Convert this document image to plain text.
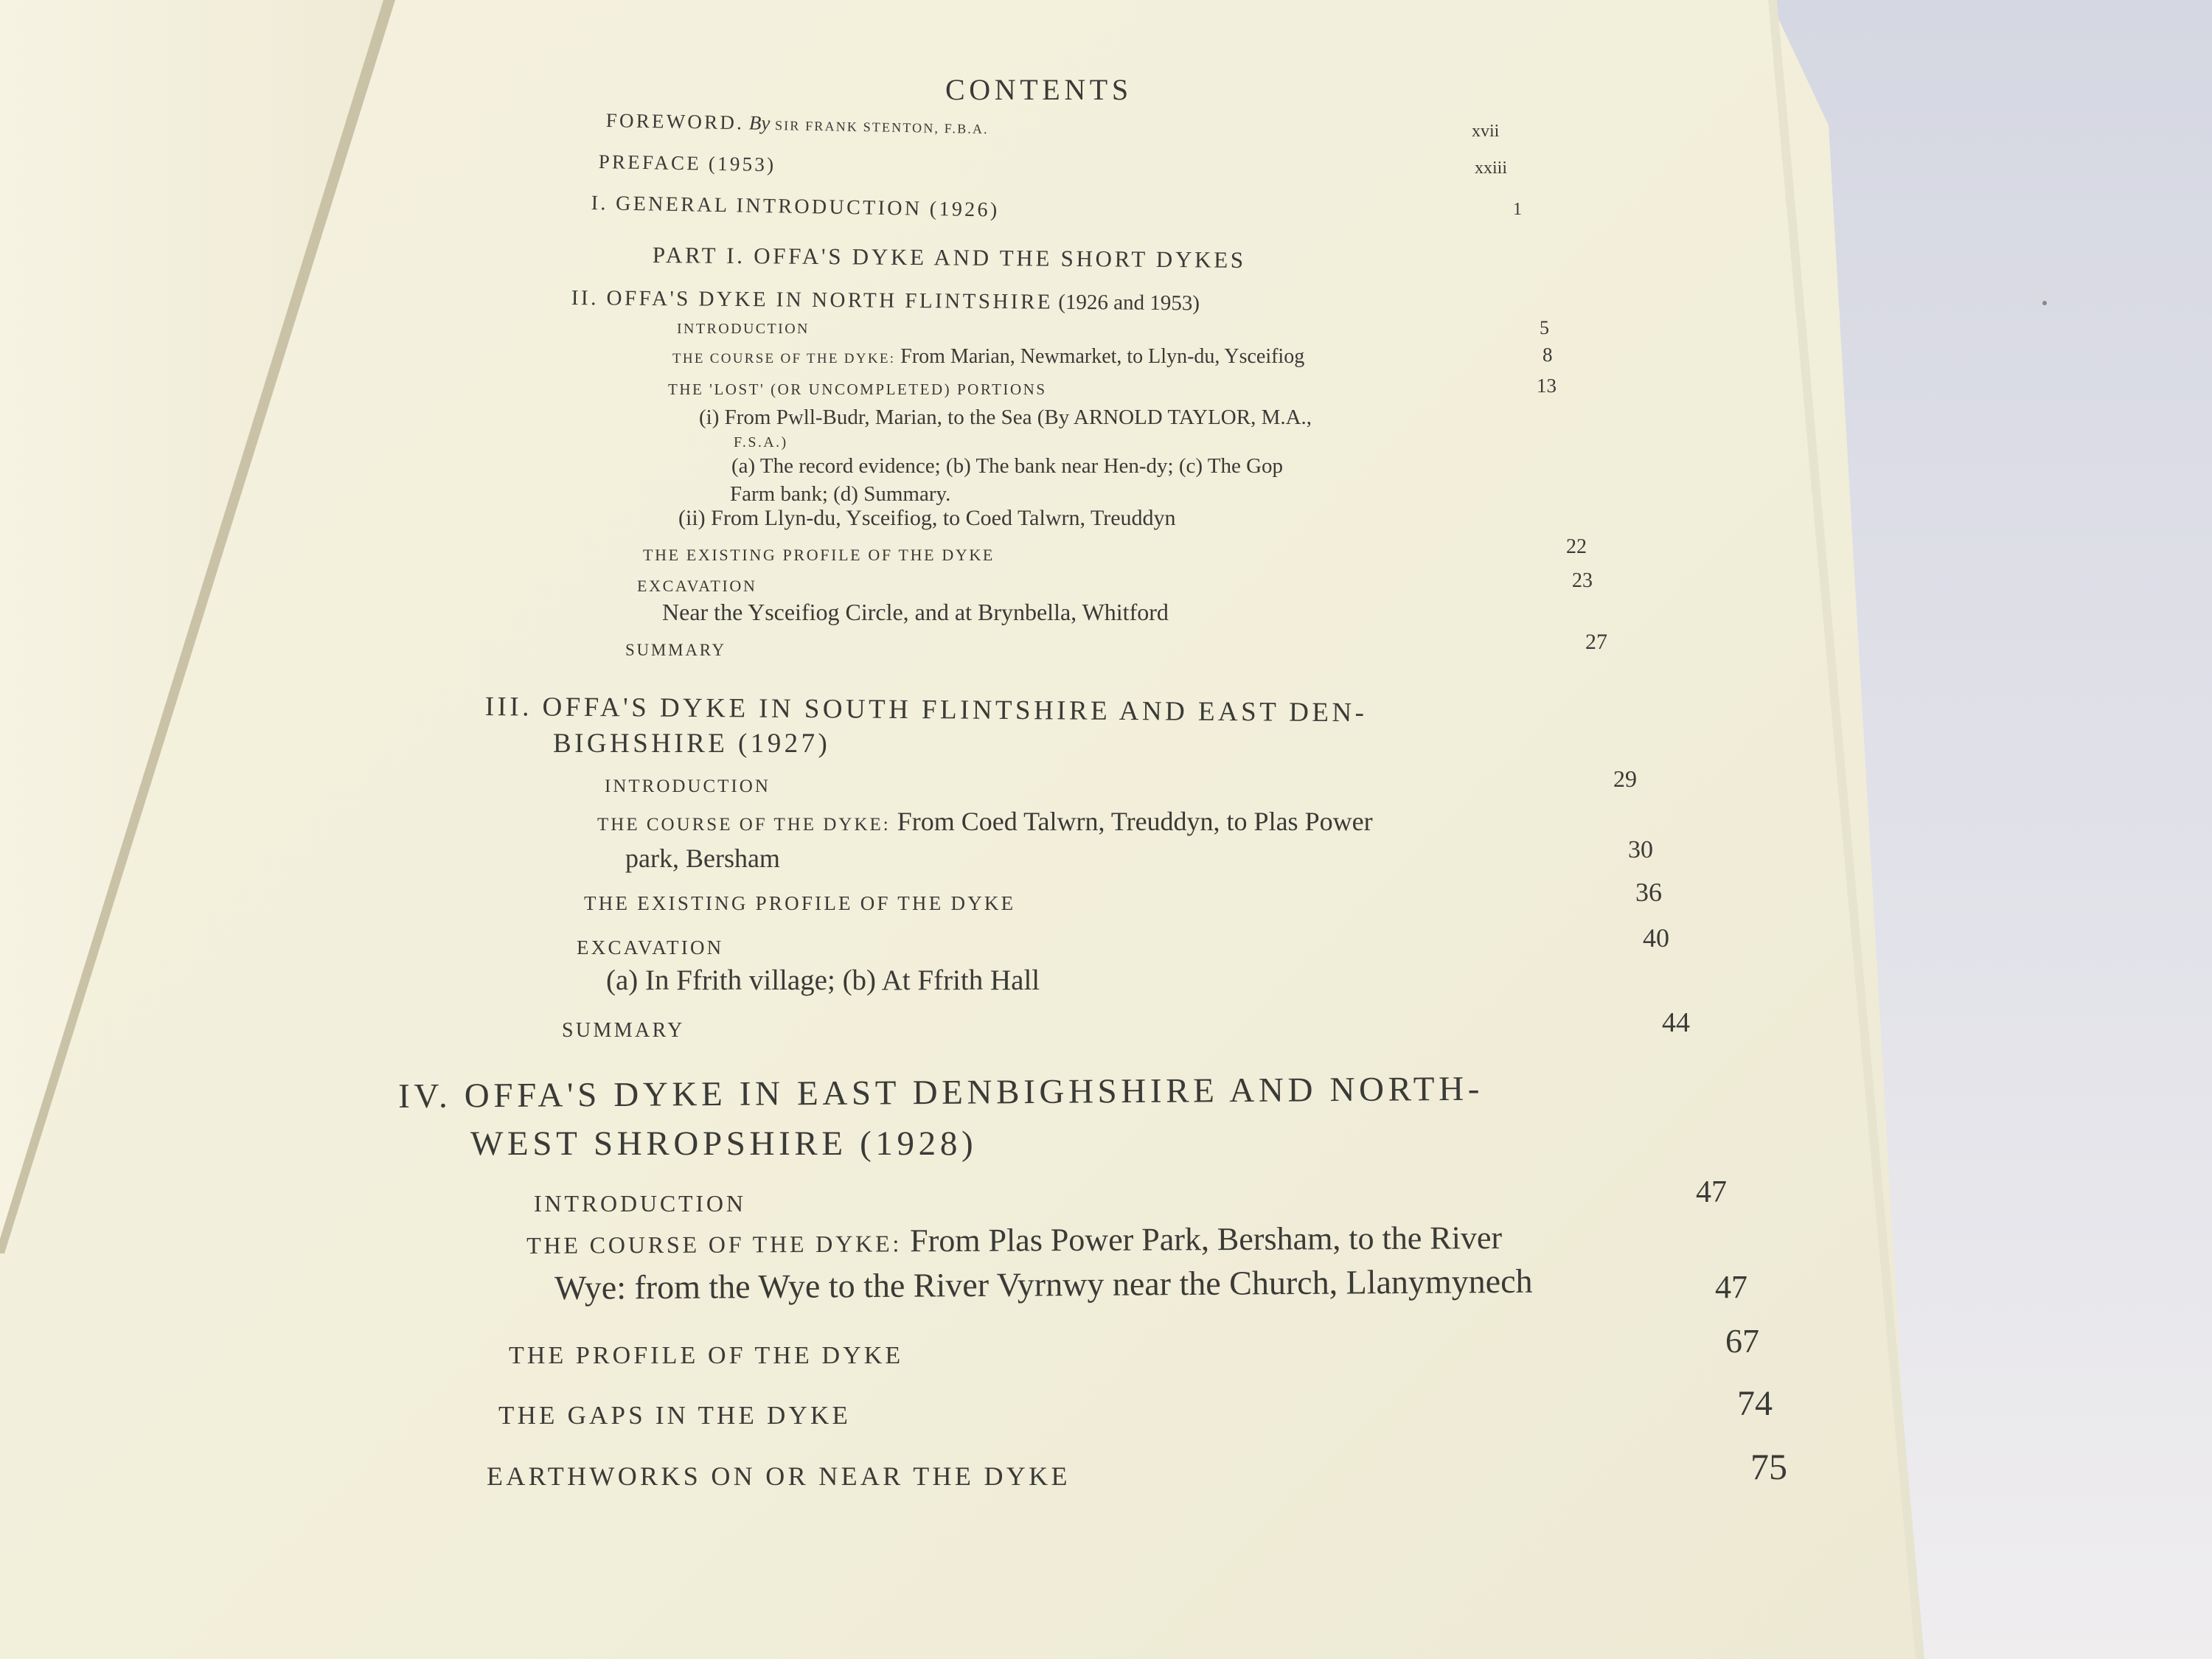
CONTENTS
FOREWORD. By SIR FRANK STENTON, F.B.A.	xvii
PREFACE (1953)	xxiii
I. GENERAL INTRODUCTION (1926)	1
PART I. OFFA'S DYKE AND THE SHORT DYKES
II. OFFA'S DYKE IN NORTH FLINTSHIRE (1926 and 1953)
INTRODUCTION	5
THE COURSE OF THE DYKE: From Marian, Newmarket, to Llyn-du, Ysceifiog	8
THE 'LOST' (OR UNCOMPLETED) PORTIONS	13
(i) From Pwll-Budr, Marian, to the Sea (By ARNOLD TAYLOR, M.A.,
F.S.A.)
(a) The record evidence; (b) The bank near Hen-dy; (c) The Gop
Farm bank; (d) Summary.
(ii) From Llyn-du, Ysceifiog, to Coed Talwrn, Treuddyn
THE EXISTING PROFILE OF THE DYKE	22
EXCAVATION	23
Near the Ysceifiog Circle, and at Brynbella, Whitford
SUMMARY	27
III. OFFA'S DYKE IN SOUTH FLINTSHIRE AND EAST DEN-
BIGHSHIRE (1927)
INTRODUCTION	29
THE COURSE OF THE DYKE: From Coed Talwrn, Treuddyn, to Plas Power
park, Bersham	30
THE EXISTING PROFILE OF THE DYKE	36
EXCAVATION	40
(a) In Ffrith village; (b) At Ffrith Hall
SUMMARY	44
IV. OFFA'S DYKE IN EAST DENBIGHSHIRE AND NORTH-
WEST SHROPSHIRE (1928)
INTRODUCTION	47
THE COURSE OF THE DYKE: From Plas Power Park, Bersham, to the River
Wye: from the Wye to the River Vyrnwy near the Church, Llanymynech	47
THE PROFILE OF THE DYKE	67
THE GAPS IN THE DYKE	74
EARTHWORKS ON OR NEAR THE DYKE	75
